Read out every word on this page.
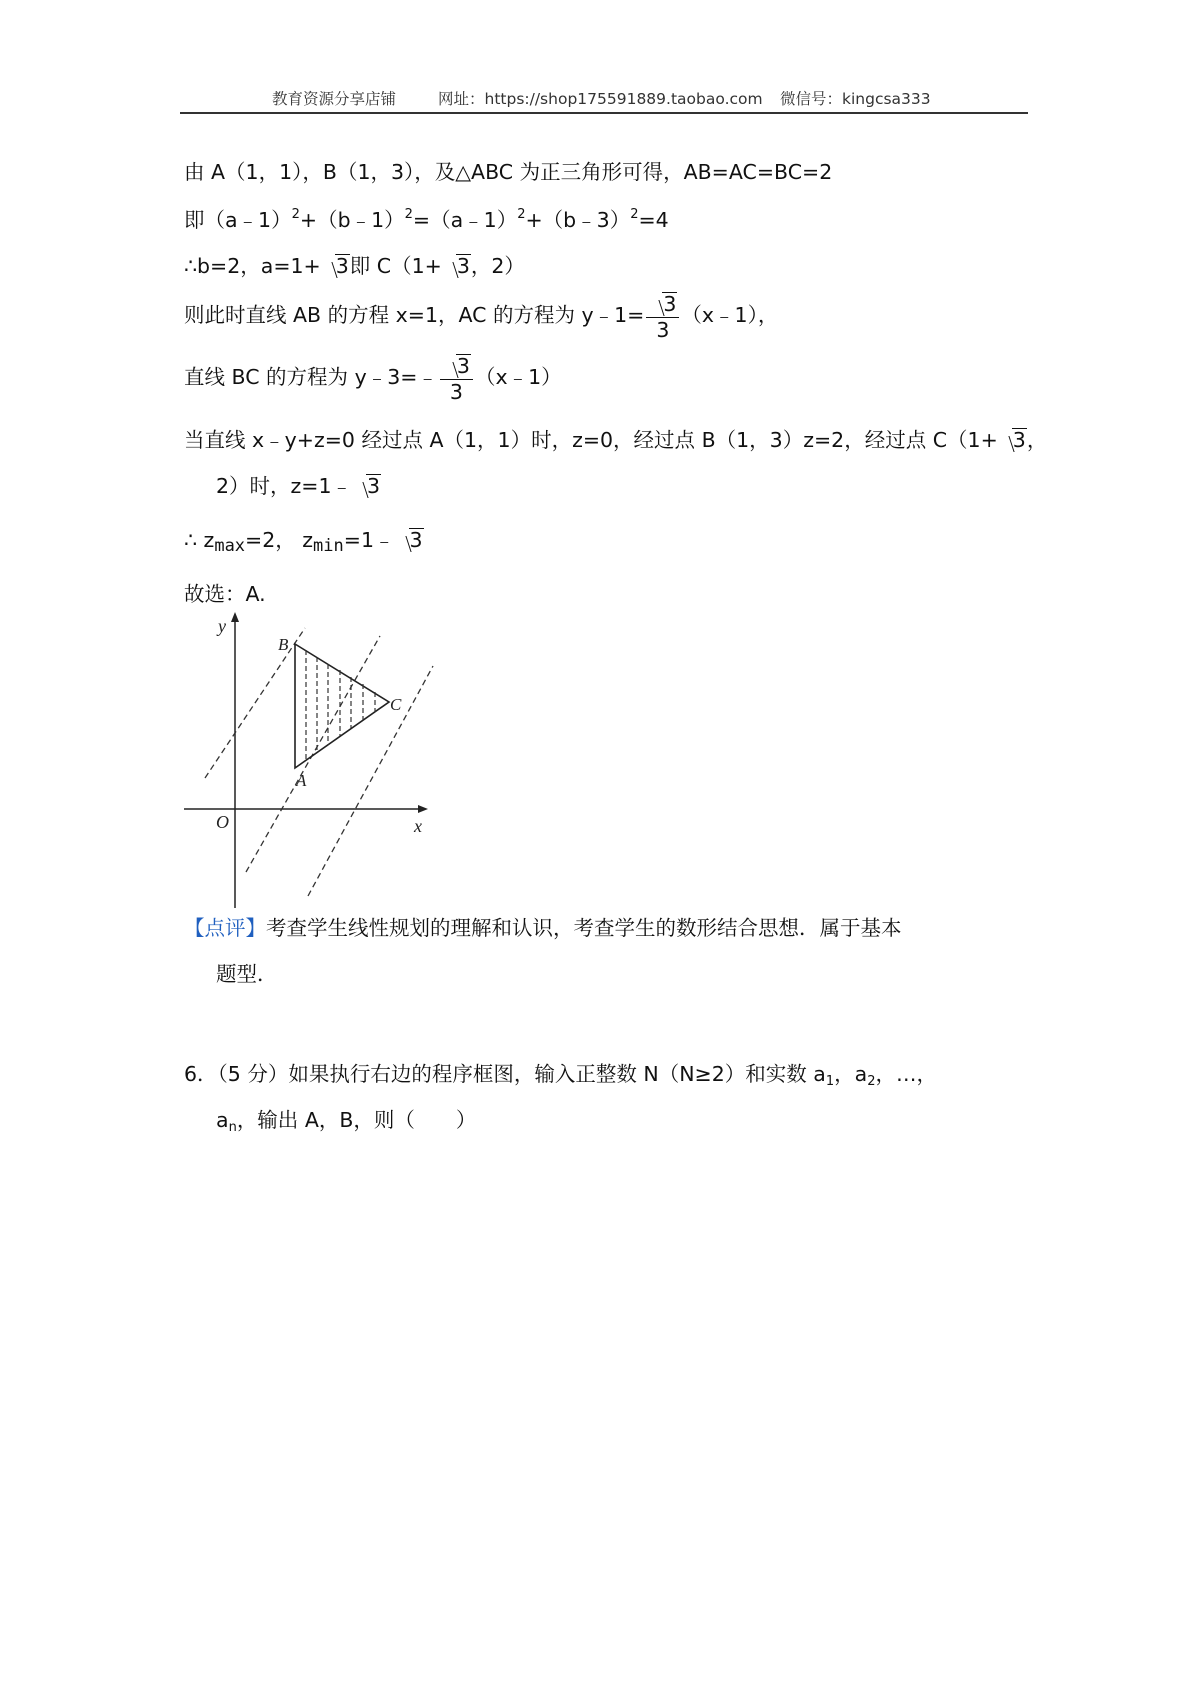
教育资源分享店铺	网址：https://shop175591889.taobao.com 微信号：kingcsa333
由 A（1，1），B（1，3），及△ABC 为正三角形可得，AB=AC=BC=2
即（a﹣1）$^2$+（b﹣1）$^2$=（a﹣1）$^2$+（b﹣3）$^2$=4
∴b=2，a=1+ 3即 C（1+ 3，2）
则此时直线 AB 的方程 x=1，AC 的方程为 y﹣1= $\frac{3}{3}$ （x﹣1），
直线 BC 的方程为 y﹣3=﹣ $\frac{3}{3}$ （x﹣1）
当直线 x﹣y+z=0 经过点 A（1，1）时，z=0，经过点 B（1，3）z=2，经过点 C（1+ 3，
2）时，z=1﹣ 3
∴ $z_{max}=2$， $z_{min}=1﹣$ 3
故选：A.
y
x
O
A
B
C
【点评】考查学生线性规划的理解和认识，考查学生的数形结合思想．属于基本
题型．
6．（5 分）如果执行右边的程序框图，输入正整数 N（N≥2）和实数 $a_1$，$a_2$，…，
$a_n$，输出 A，B，则（　　）
